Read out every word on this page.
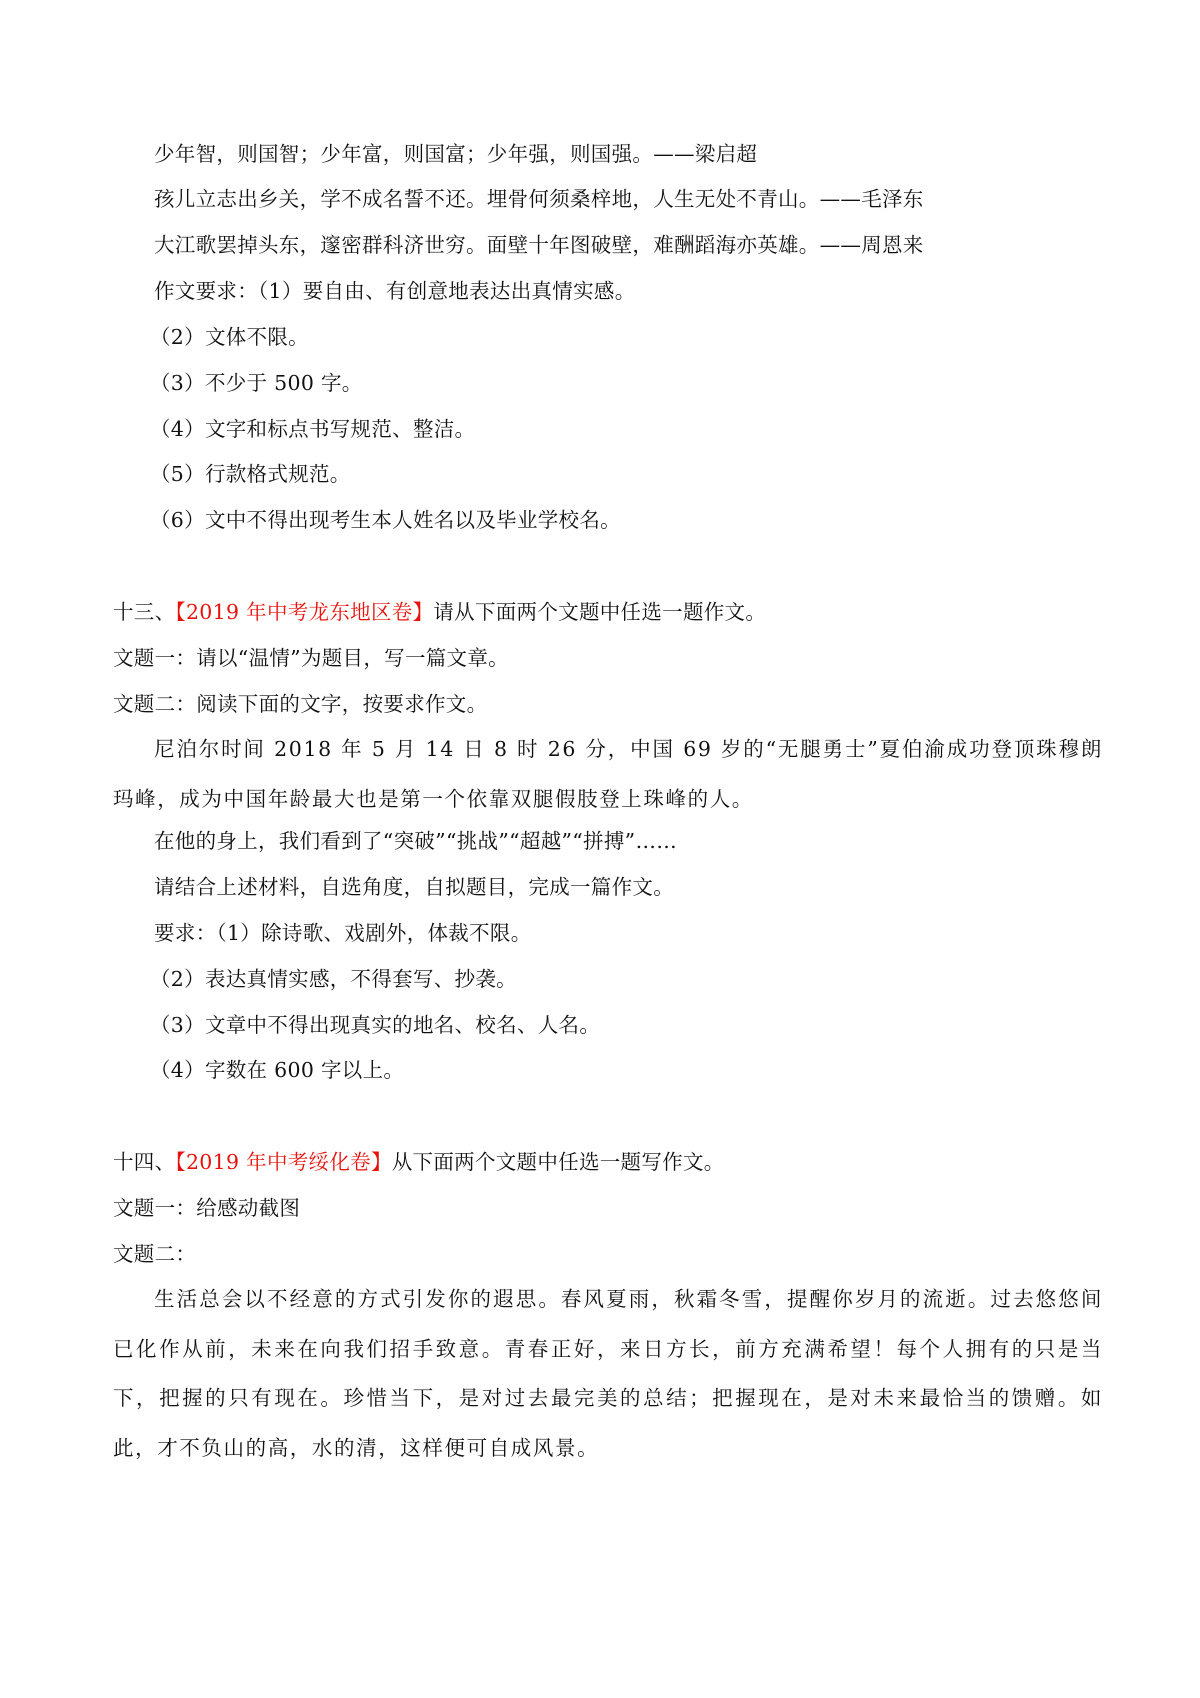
少年智，则国智；少年富，则国富；少年强，则国强。——梁启超
孩儿立志出乡关，学不成名誓不还。埋骨何须桑梓地，人生无处不青山。——毛泽东
大江歌罢掉头东，邃密群科济世穷。面壁十年图破壁，难酬蹈海亦英雄。——周恩来
作文要求：（1）要自由、有创意地表达出真情实感。
（2）文体不限。
（3）不少于 500 字。
（4）文字和标点书写规范、整洁。
（5）行款格式规范。
（6）文中不得出现考生本人姓名以及毕业学校名。
十三、【2019 年中考龙东地区卷】请从下面两个文题中任选一题作文。
文题一：请以“温情”为题目，写一篇文章。
文题二：阅读下面的文字，按要求作文。
尼泊尔时间 2018 年 5 月 14 日 8 时 26 分，中国 69 岁的“无腿勇士”夏伯渝成功登顶珠穆朗玛峰，成为中国年龄最大也是第一个依靠双腿假肢登上珠峰的人。
在他的身上，我们看到了“突破”“挑战”“超越”“拼搏”……
请结合上述材料，自选角度，自拟题目，完成一篇作文。
要求：（1）除诗歌、戏剧外，体裁不限。
（2）表达真情实感，不得套写、抄袭。
（3）文章中不得出现真实的地名、校名、人名。
（4）字数在 600 字以上。
十四、【2019 年中考绥化卷】从下面两个文题中任选一题写作文。
文题一：给感动截图
文题二：
生活总会以不经意的方式引发你的遐思。春风夏雨，秋霜冬雪，提醒你岁月的流逝。过去悠悠间已化作从前，未来在向我们招手致意。青春正好，来日方长，前方充满希望！每个人拥有的只是当下，把握的只有现在。珍惜当下，是对过去最完美的总结；把握现在，是对未来最恰当的馈赠。如此，才不负山的高，水的清，这样便可自成风景。
